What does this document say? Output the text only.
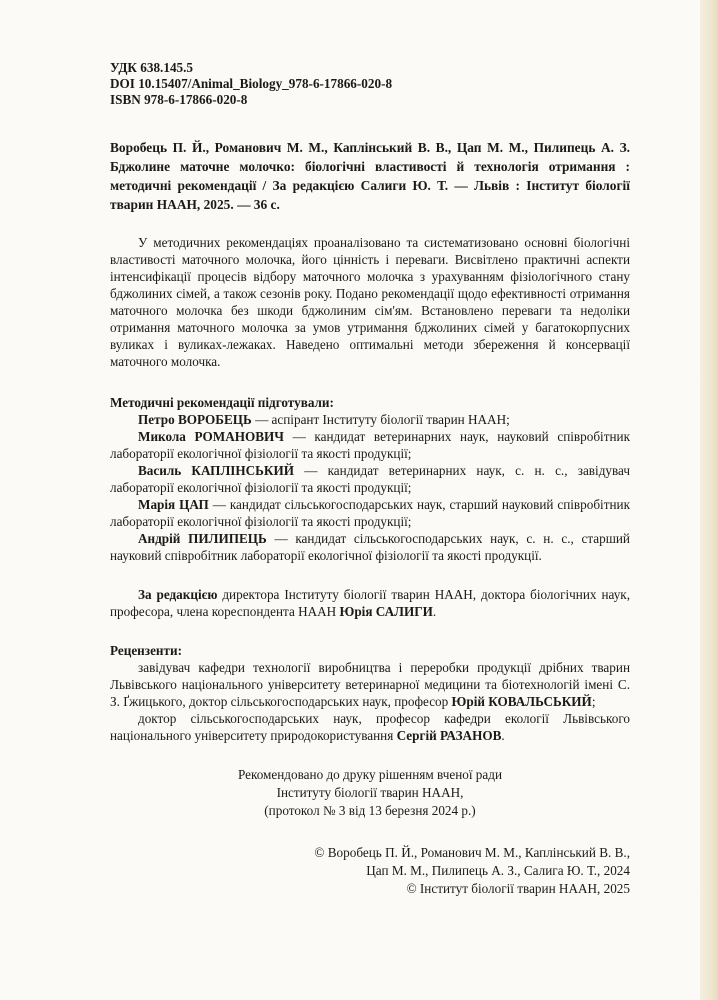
УДК 638.145.5
DOI 10.15407/Animal_Biology_978-6-17866-020-8
ISBN 978-6-17866-020-8
Воробець П. Й., Романович М. М., Каплінський В. В., Цап М. М., Пилипець А. З. Бджолине маточне молочко: біологічні властивості й технологія отримання : методичні рекомендації / За редакцією Салиги Ю. Т. — Львів : Інститут біології тварин НААН, 2025. — 36 с.
У методичних рекомендаціях проаналізовано та систематизовано основні біологічні властивості маточного молочка, його цінність і переваги. Висвітлено практичні аспекти інтенсифікації процесів відбору маточного молочка з урахуванням фізіологічного стану бджолиних сімей, а також сезонів року. Подано рекомендації щодо ефективності отримання маточного молочка без шкоди бджолиним сім'ям. Встановлено переваги та недоліки отримання маточного молочка за умов утримання бджолиних сімей у багатокорпусних вуликах і вуликах-лежаках. Наведено оптимальні методи збереження й консервації маточного молочка.
Методичні рекомендації підготували:
Петро ВОРОБЕЦЬ — аспірант Інституту біології тварин НААН;
Микола РОМАНОВИЧ — кандидат ветеринарних наук, науковий співробітник лабораторії екологічної фізіології та якості продукції;
Василь КАПЛІНСЬКИЙ — кандидат ветеринарних наук, с. н. с., завідувач лабораторії екологічної фізіології та якості продукції;
Марія ЦАП — кандидат сільськогосподарських наук, старший науковий співробітник лабораторії екологічної фізіології та якості продукції;
Андрій ПИЛИПЕЦЬ — кандидат сільськогосподарських наук, с. н. с., старший науковий співробітник лабораторії екологічної фізіології та якості продукції.
За редакцією директора Інституту біології тварин НААН, доктора біологічних наук, професора, члена кореспондента НААН Юрія САЛИГИ.
Рецензенти:
завідувач кафедри технології виробництва і переробки продукції дрібних тварин Львівського національного університету ветеринарної медицини та біотехнологій імені С. З. Ґжицького, доктор сільськогосподарських наук, професор Юрій КОВАЛЬСЬКИЙ;
доктор сільськогосподарських наук, професор кафедри екології Львівського національного університету природокористування Сергій РАЗАНОВ.
Рекомендовано до друку рішенням вченої ради
Інституту біології тварин НААН,
(протокол № 3 від 13 березня 2024 р.)
© Воробець П. Й., Романович М. М., Каплінський В. В.,
Цап М. М., Пилипець А. З., Салига Ю. Т., 2024
© Інститут біології тварин НААН, 2025
